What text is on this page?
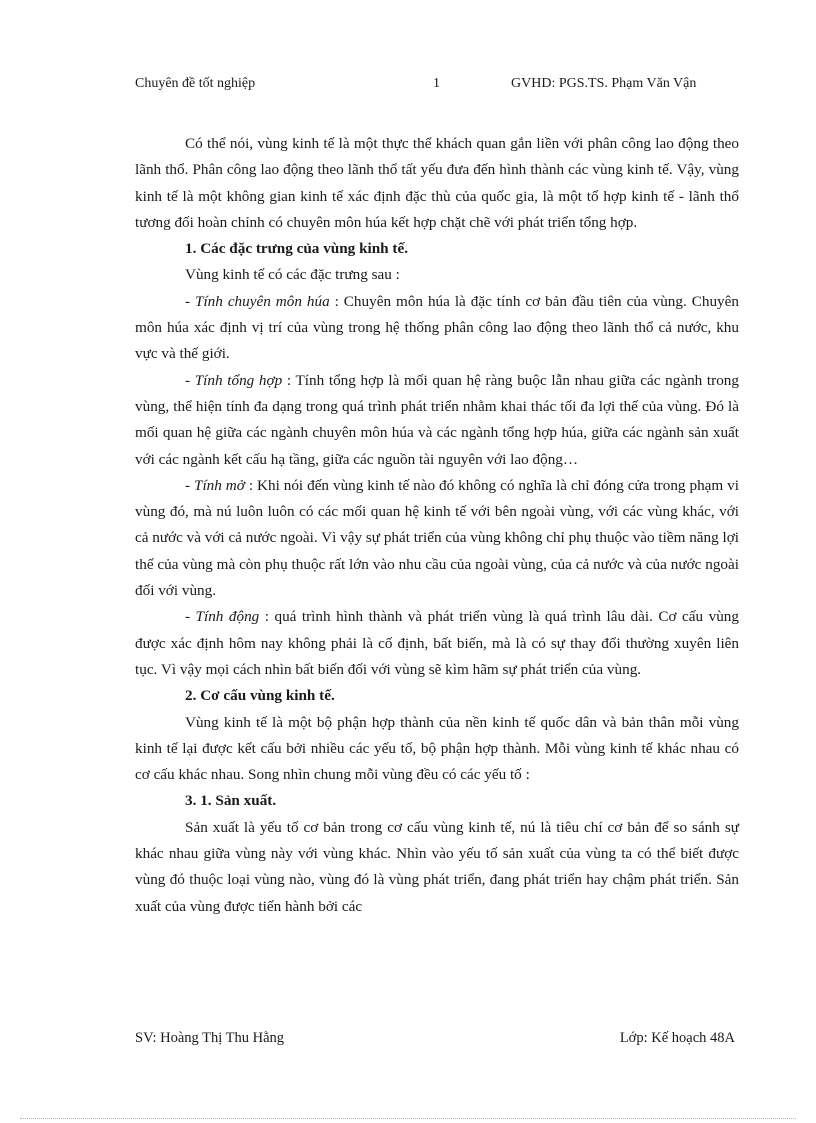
Chuyên đề tốt nghiệp	1	GVHD: PGS.TS. Phạm Văn Vận

Có thể nói, vùng kinh tế là một thực thể khách quan gắn liền với phân công lao động theo lãnh thổ. Phân công lao động theo lãnh thổ tất yếu đưa đến hình thành các vùng kinh tế. Vậy, vùng kinh tế là một không gian kinh tế xác định đặc thù của quốc gia, là một tổ hợp kinh tế - lãnh thổ tương đối hoàn chỉnh có chuyên môn húa kết hợp chặt chẽ với phát triển tổng hợp.

1. Các đặc trưng của vùng kinh tế.

Vùng kinh tế có các đặc trưng sau :

- Tính chuyên môn húa : Chuyên môn húa là đặc tính cơ bản đầu tiên của vùng. Chuyên môn húa xác định vị trí của vùng trong hệ thống phân công lao động theo lãnh thổ cả nước, khu vực và thế giới.

- Tính tổng hợp : Tính tổng hợp là mối quan hệ ràng buộc lẫn nhau giữa các ngành trong vùng, thể hiện tính đa dạng trong quá trình phát triển nhằm khai thác tối đa lợi thế của vùng. Đó là mối quan hệ giữa các ngành chuyên môn húa và các ngành tổng hợp húa, giữa các ngành sản xuất với các ngành kết cấu hạ tầng, giữa các nguồn tài nguyên với lao động…

- Tính mở : Khi nói đến vùng kinh tế nào đó không có nghĩa là chỉ đóng cửa trong phạm vi vùng đó, mà nú luôn luôn có các mối quan hệ kinh tế với bên ngoài vùng, với các vùng khác, với cả nước và với cả nước ngoài. Vì vậy sự phát triển của vùng không chỉ phụ thuộc vào tiềm năng lợi thế của vùng mà còn phụ thuộc rất lớn vào nhu cầu của ngoài vùng, của cả nước và của nước ngoài đối với vùng.

- Tính động : quá trình hình thành và phát triển vùng là quá trình lâu dài. Cơ cấu vùng được xác định hôm nay không phải là cố định, bất biến, mà là có sự thay đổi thường xuyên liên tục. Vì vậy mọi cách nhìn bất biến đối với vùng sẽ kìm hãm sự phát triển của vùng.

2. Cơ cấu vùng kinh tế.

Vùng kinh tế là một bộ phận hợp thành của nền kinh tế quốc dân và bản thân mỗi vùng kinh tế lại được kết cấu bởi nhiều các yếu tố, bộ phận hợp thành. Mỗi vùng kinh tế khác nhau có cơ cấu khác nhau. Song nhìn chung mỗi vùng đều có các yếu tố :

3. 1. Sản xuất.

Sản xuất là yếu tố cơ bản trong cơ cấu vùng kinh tế, nú là tiêu chí cơ bản để so sánh sự khác nhau giữa vùng này với vùng khác. Nhìn vào yếu tố sản xuất của vùng ta có thể biết được vùng đó thuộc loại vùng nào, vùng đó là vùng phát triển, đang phát triển hay chậm phát triển. Sản xuất của vùng được tiến hành bởi các

SV: Hoàng Thị Thu Hằng	Lớp: Kế hoạch 48A
